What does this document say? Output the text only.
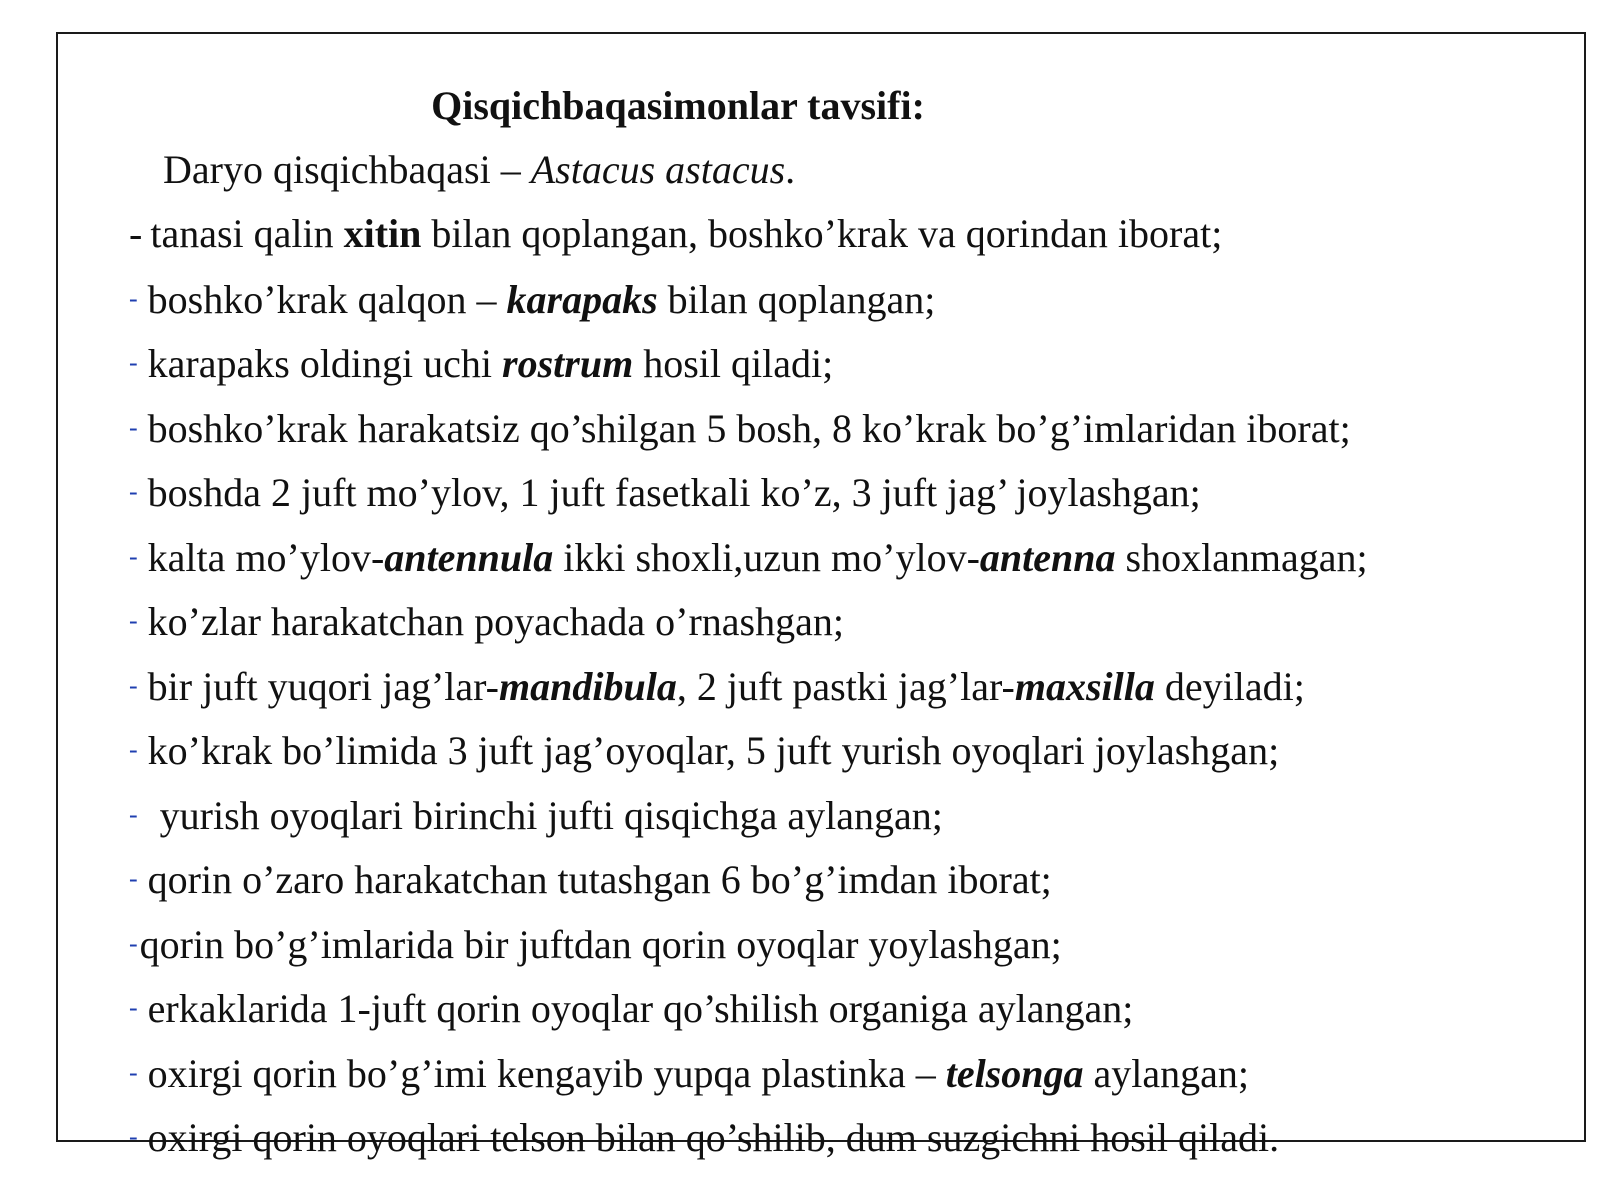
Qisqichbaqasimonlar tavsifi:
Daryo qisqichbaqasi – Astacus astacus.
- tanasi qalin xitin bilan qoplangan, boshko’krak va qorindan iborat;
- boshko’krak qalqon – karapaks bilan qoplangan;
- karapaks oldingi uchi rostrum hosil qiladi;
- boshko’krak harakatsiz qo’shilgan 5 bosh, 8 ko’krak bo’g’imlaridan iborat;
- boshda 2 juft mo’ylov, 1 juft fasetkali ko’z, 3 juft jag’ joylashgan;
- kalta mo’ylov-antennula ikki shoxli,uzun mo’ylov-antenna shoxlanmagan;
- ko’zlar harakatchan poyachada o’rnashgan;
- bir juft yuqori jag’lar-mandibula, 2 juft pastki jag’lar-maxsilla deyiladi;
- ko’krak bo’limida 3 juft jag’oyoqlar, 5 juft yurish oyoqlari joylashgan;
- yurish oyoqlari birinchi jufti qisqichga aylangan;
- qorin o’zaro harakatchan tutashgan 6 bo’g’imdan iborat;
-qorin bo’g’imlarida bir juftdan qorin oyoqlar yoylashgan;
- erkaklarida 1-juft qorin oyoqlar qo’shilish organiga aylangan;
- oxirgi qorin bo’g’imi kengayib yupqa plastinka – telsonga aylangan;
- oxirgi qorin oyoqlari telson bilan qo’shilib, dum suzgichni hosil qiladi.
